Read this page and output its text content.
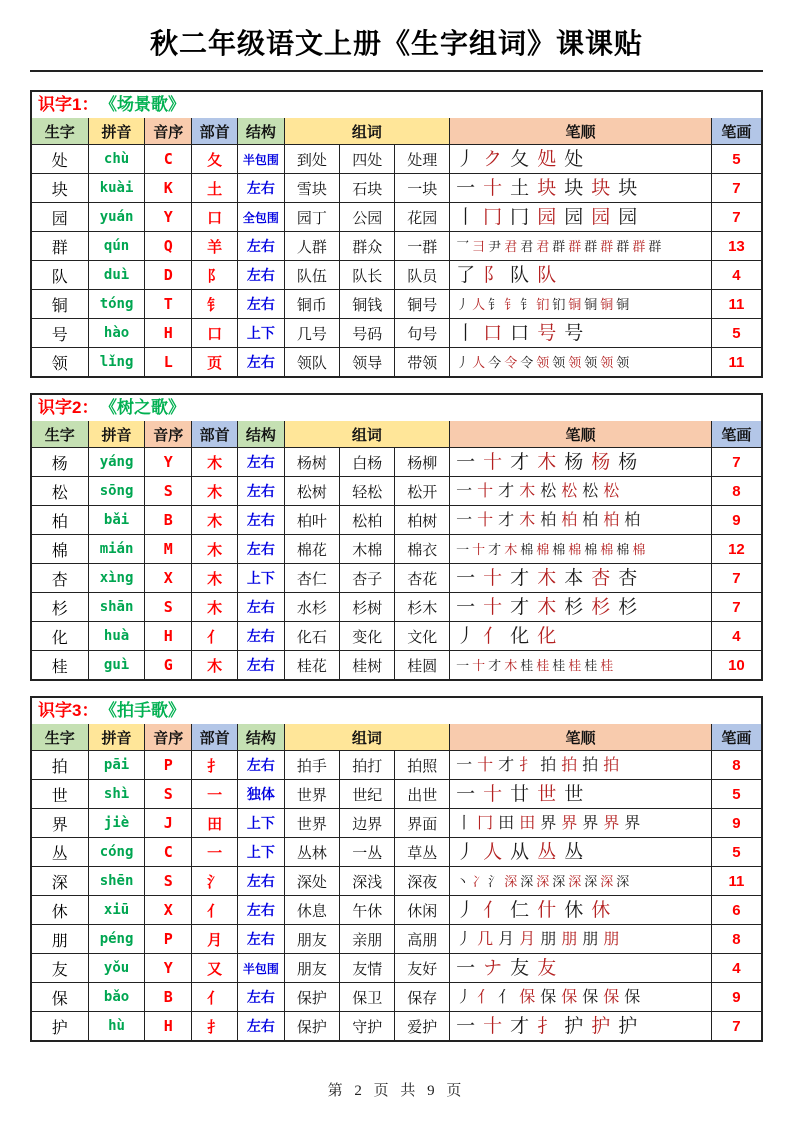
秋二年级语文上册《生字组词》课课贴
识字1： 《场景歌》
生字	拼音	音序	部首	结构	组词			笔顺	笔画
处	chù	C	夂	半包围	到处	四处	处理	丿 ク 夂 処 处	5
块	kuài	K	土	左右	雪块	石块	一块	一 十 土 块 块 块 块	7
园	yuán	Y	口	全包围	园丁	公园	花园	丨 冂 冂 园 园 园 园	7
群	qún	Q	羊	左右	人群	群众	一群	乛 彐 尹 君 君 君 群 群 群 群 群 群 群	13
队	duì	D	阝	左右	队伍	队长	队员	了 阝 队 队	4
铜	tóng	T	钅	左右	铜币	铜钱	铜号	丿 人 钅 钅 钅 钔 钔 铜 铜 铜 铜	11
号	hào	H	口	上下	几号	号码	句号	丨 口 口 号 号	5
领	lǐng	L	页	左右	领队	领导	带领	丿 人 今 令 令 领 领 领 领 领 领	11
识字2： 《树之歌》
生字	拼音	音序	部首	结构	组词			笔顺	笔画
杨	yáng	Y	木	左右	杨树	白杨	杨柳	一 十 才 木 杨 杨 杨	7
松	sōng	S	木	左右	松树	轻松	松开	一 十 才 木 松 松 松 松	8
柏	bǎi	B	木	左右	柏叶	松柏	柏树	一 十 才 木 柏 柏 柏 柏 柏	9
棉	mián	M	木	左右	棉花	木棉	棉衣	一 十 才 木 棉 棉 棉 棉 棉 棉 棉 棉	12
杏	xìng	X	木	上下	杏仁	杏子	杏花	一 十 才 木 本 杏 杏	7
杉	shān	S	木	左右	水杉	杉树	杉木	一 十 才 木 杉 杉 杉	7
化	huà	H	亻	左右	化石	变化	文化	丿 亻 化 化	4
桂	guì	G	木	左右	桂花	桂树	桂圆	一 十 才 木 桂 桂 桂 桂 桂 桂	10
识字3： 《拍手歌》
生字	拼音	音序	部首	结构	组词			笔顺	笔画
拍	pāi	P	扌	左右	拍手	拍打	拍照	一 十 才 扌 拍 拍 拍 拍	8
世	shì	S	一	独体	世界	世纪	出世	一 十 廿 世 世	5
界	jiè	J	田	上下	世界	边界	界面	丨 冂 田 田 界 界 界 界 界	9
丛	cóng	C	一	上下	丛林	一丛	草丛	丿 人 从 丛 丛	5
深	shēn	S	氵	左右	深处	深浅	深夜	丶 冫 氵 深 深 深 深 深 深 深 深	11
休	xiū	X	亻	左右	休息	午休	休闲	丿 亻 仁 什 休 休	6
朋	péng	P	月	左右	朋友	亲朋	高朋	丿 几 月 月 朋 朋 朋 朋	8
友	yǒu	Y	又	半包围	朋友	友情	友好	一 ナ 友 友	4
保	bǎo	B	亻	左右	保护	保卫	保存	丿 亻 亻 保 保 保 保 保 保	9
护	hù	H	扌	左右	保护	守护	爱护	一 十 才 扌 护 护 护	7
第 2 页 共 9 页
